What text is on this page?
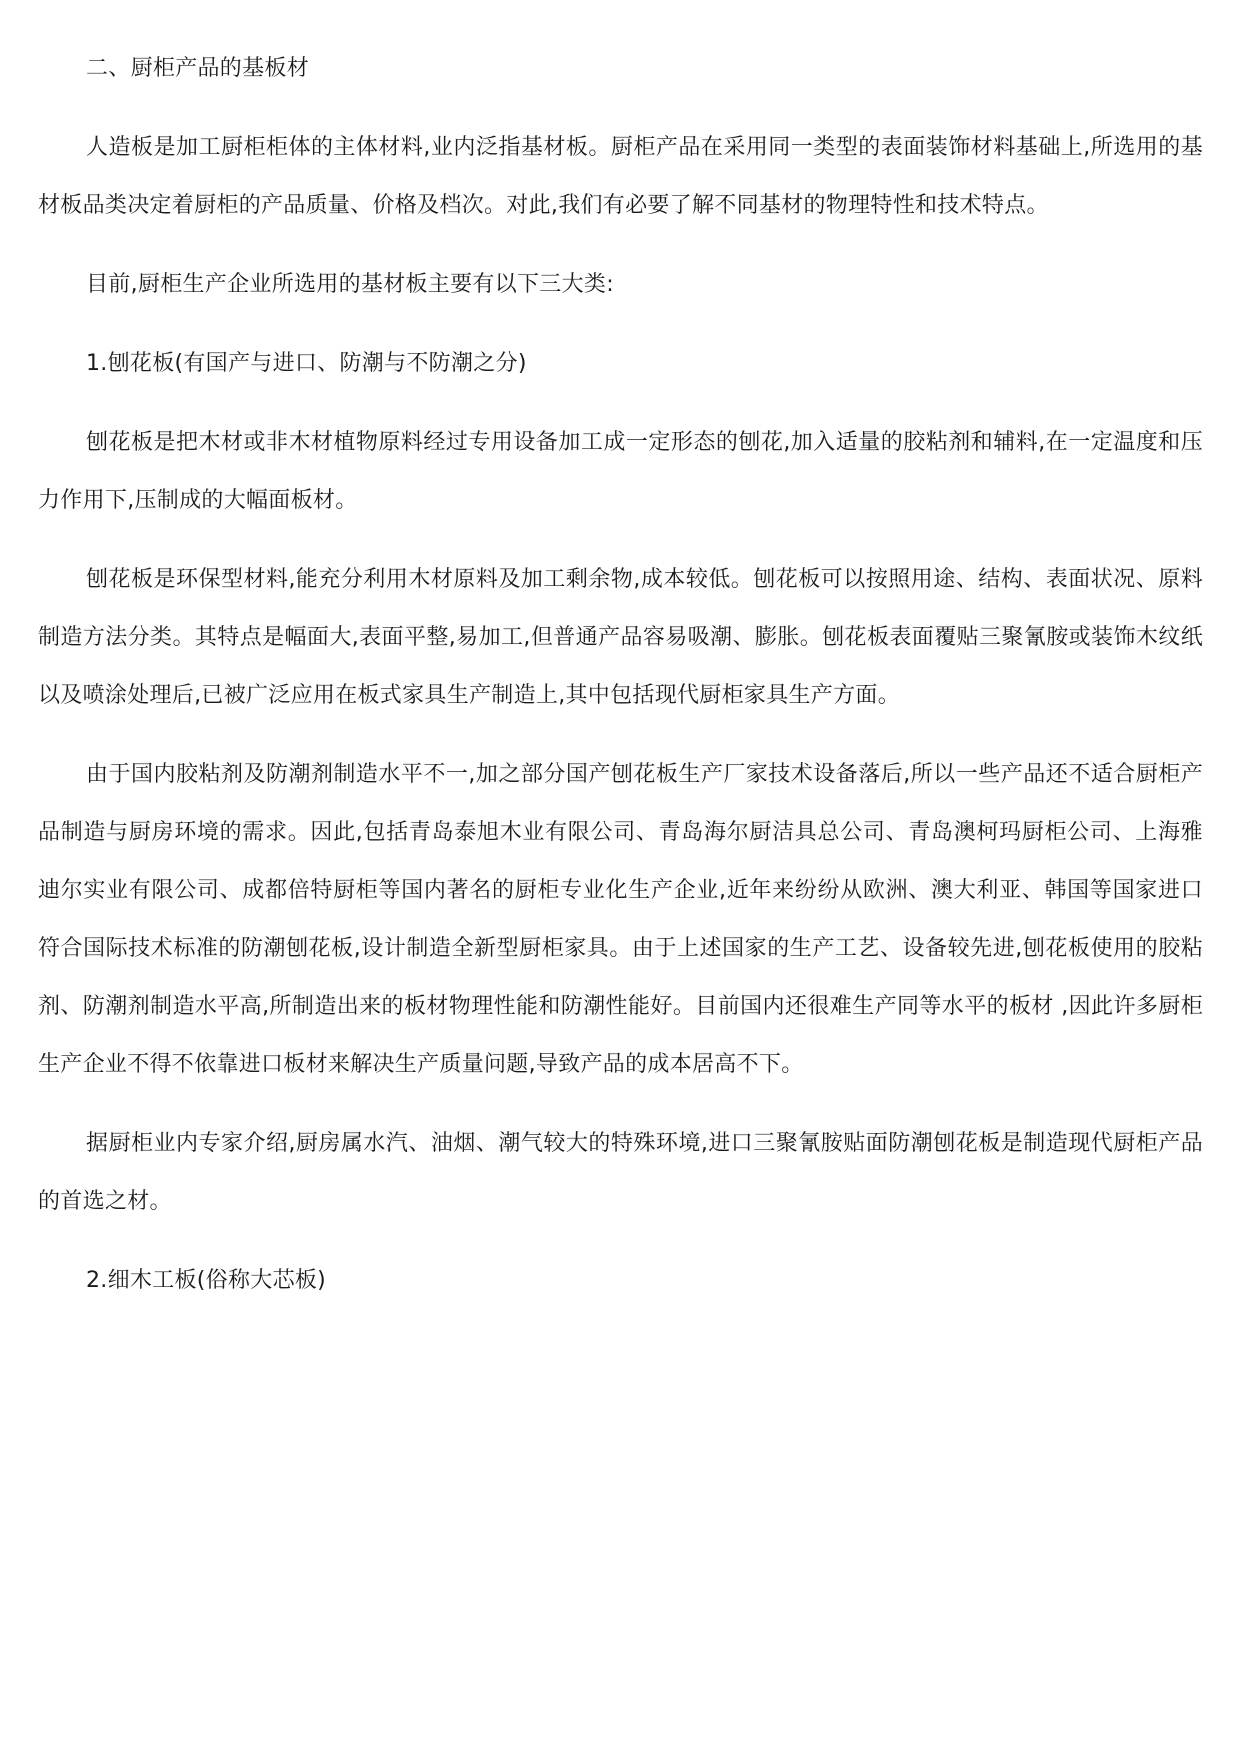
二、厨柜产品的基板材

人造板是加工厨柜柜体的主体材料,业内泛指基材板。厨柜产品在采用同一类型的表面装饰材料基础上,所选用的基材板品类决定着厨柜的产品质量、价格及档次。对此,我们有必要了解不同基材的物理特性和技术特点。

目前,厨柜生产企业所选用的基材板主要有以下三大类:

1.刨花板(有国产与进口、防潮与不防潮之分)

刨花板是把木材或非木材植物原料经过专用设备加工成一定形态的刨花,加入适量的胶粘剂和辅料,在一定温度和压力作用下,压制成的大幅面板材。

刨花板是环保型材料,能充分利用木材原料及加工剩余物,成本较低。刨花板可以按照用途、结构、表面状况、原料制造方法分类。其特点是幅面大,表面平整,易加工,但普通产品容易吸潮、膨胀。刨花板表面覆贴三聚氰胺或装饰木纹纸以及喷涂处理后,已被广泛应用在板式家具生产制造上,其中包括现代厨柜家具生产方面。

由于国内胶粘剂及防潮剂制造水平不一,加之部分国产刨花板生产厂家技术设备落后,所以一些产品还不适合厨柜产品制造与厨房环境的需求。因此,包括青岛泰旭木业有限公司、青岛海尔厨洁具总公司、青岛澳柯玛厨柜公司、上海雅迪尔实业有限公司、成都倍特厨柜等国内著名的厨柜专业化生产企业,近年来纷纷从欧洲、澳大利亚、韩国等国家进口符合国际技术标准的防潮刨花板,设计制造全新型厨柜家具。由于上述国家的生产工艺、设备较先进,刨花板使用的胶粘剂、防潮剂制造水平高,所制造出来的板材物理性能和防潮性能好。目前国内还很难生产同等水平的板材 ,因此许多厨柜生产企业不得不依靠进口板材来解决生产质量问题,导致产品的成本居高不下。

据厨柜业内专家介绍,厨房属水汽、油烟、潮气较大的特殊环境,进口三聚氰胺贴面防潮刨花板是制造现代厨柜产品的首选之材。

2.细木工板(俗称大芯板)
